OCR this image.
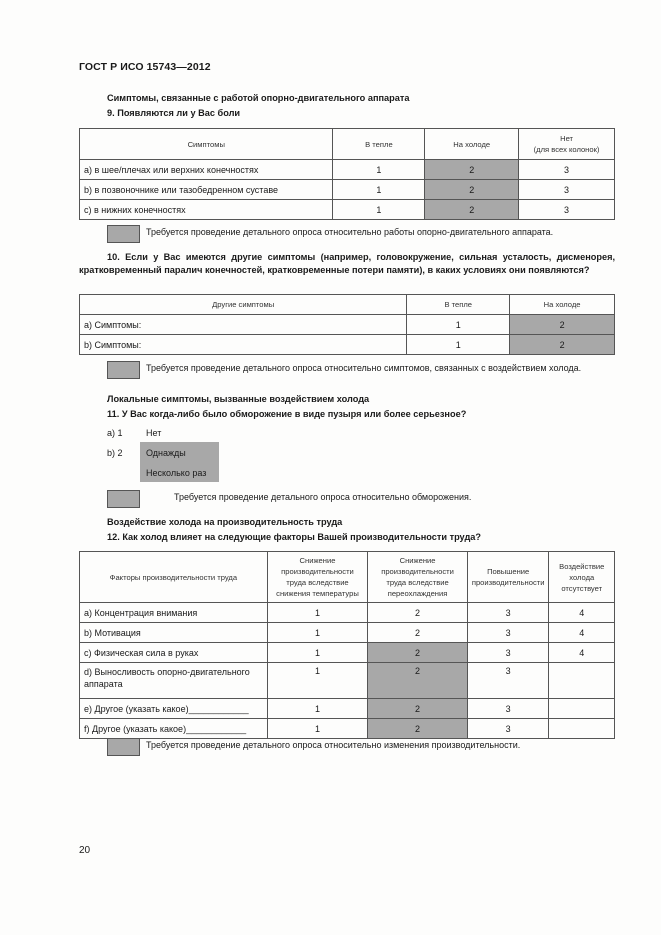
ГОСТ Р ИСО 15743—2012
Симптомы, связанные с работой опорно-двигательного аппарата
9. Появляются ли у Вас боли
Симптомы	В тепле	На холоде	Нет
(для всех колонок)
а) в шее/плечах или верхних конечностях	1	2	3
b) в позвоночнике или тазобедренном суставе	1	2	3
с) в нижних конечностях	1	2	3
Требуется проведение детального опроса относительно работы опорно-двигательного аппарата.
10. Если у Вас имеются другие симптомы (например, головокружение, сильная усталость, дисменорея, кратковременный паралич конечностей, кратковременные потери памяти), в каких условиях они появляются?
Другие симптомы	В тепле	На холоде
а) Симптомы:	1	2
b) Симптомы:	1	2
Требуется проведение детального опроса относительно симптомов, связанных с воздействием холода.
Локальные симптомы, вызванные воздействием холода
11. У Вас когда-либо было обморожение в виде пузыря или более серьезное?
а) 1	Нет
b) 2	Однажды
Несколько раз
Требуется проведение детального опроса относительно обморожения.
Воздействие холода на производительность труда
12. Как холод влияет на следующие факторы Вашей производительности труда?
Факторы производительности труда	Снижение производительности труда вследствие снижения температуры	Снижение производительности труда вследствие переохлаждения	Повышение производительности	Воздействие холода отсутствует
а) Концентрация внимания	1	2	3	4
b) Мотивация	1	2	3	4
с) Физическая сила в руках	1	2	3	4
d) Выносливость опорно-двигательного аппарата	1	2	3	
e) Другое (указать какое)____________	1	2	3	
f) Другое (указать какое)____________	1	2	3	
Требуется проведение детального опроса относительно изменения производительности.
20
